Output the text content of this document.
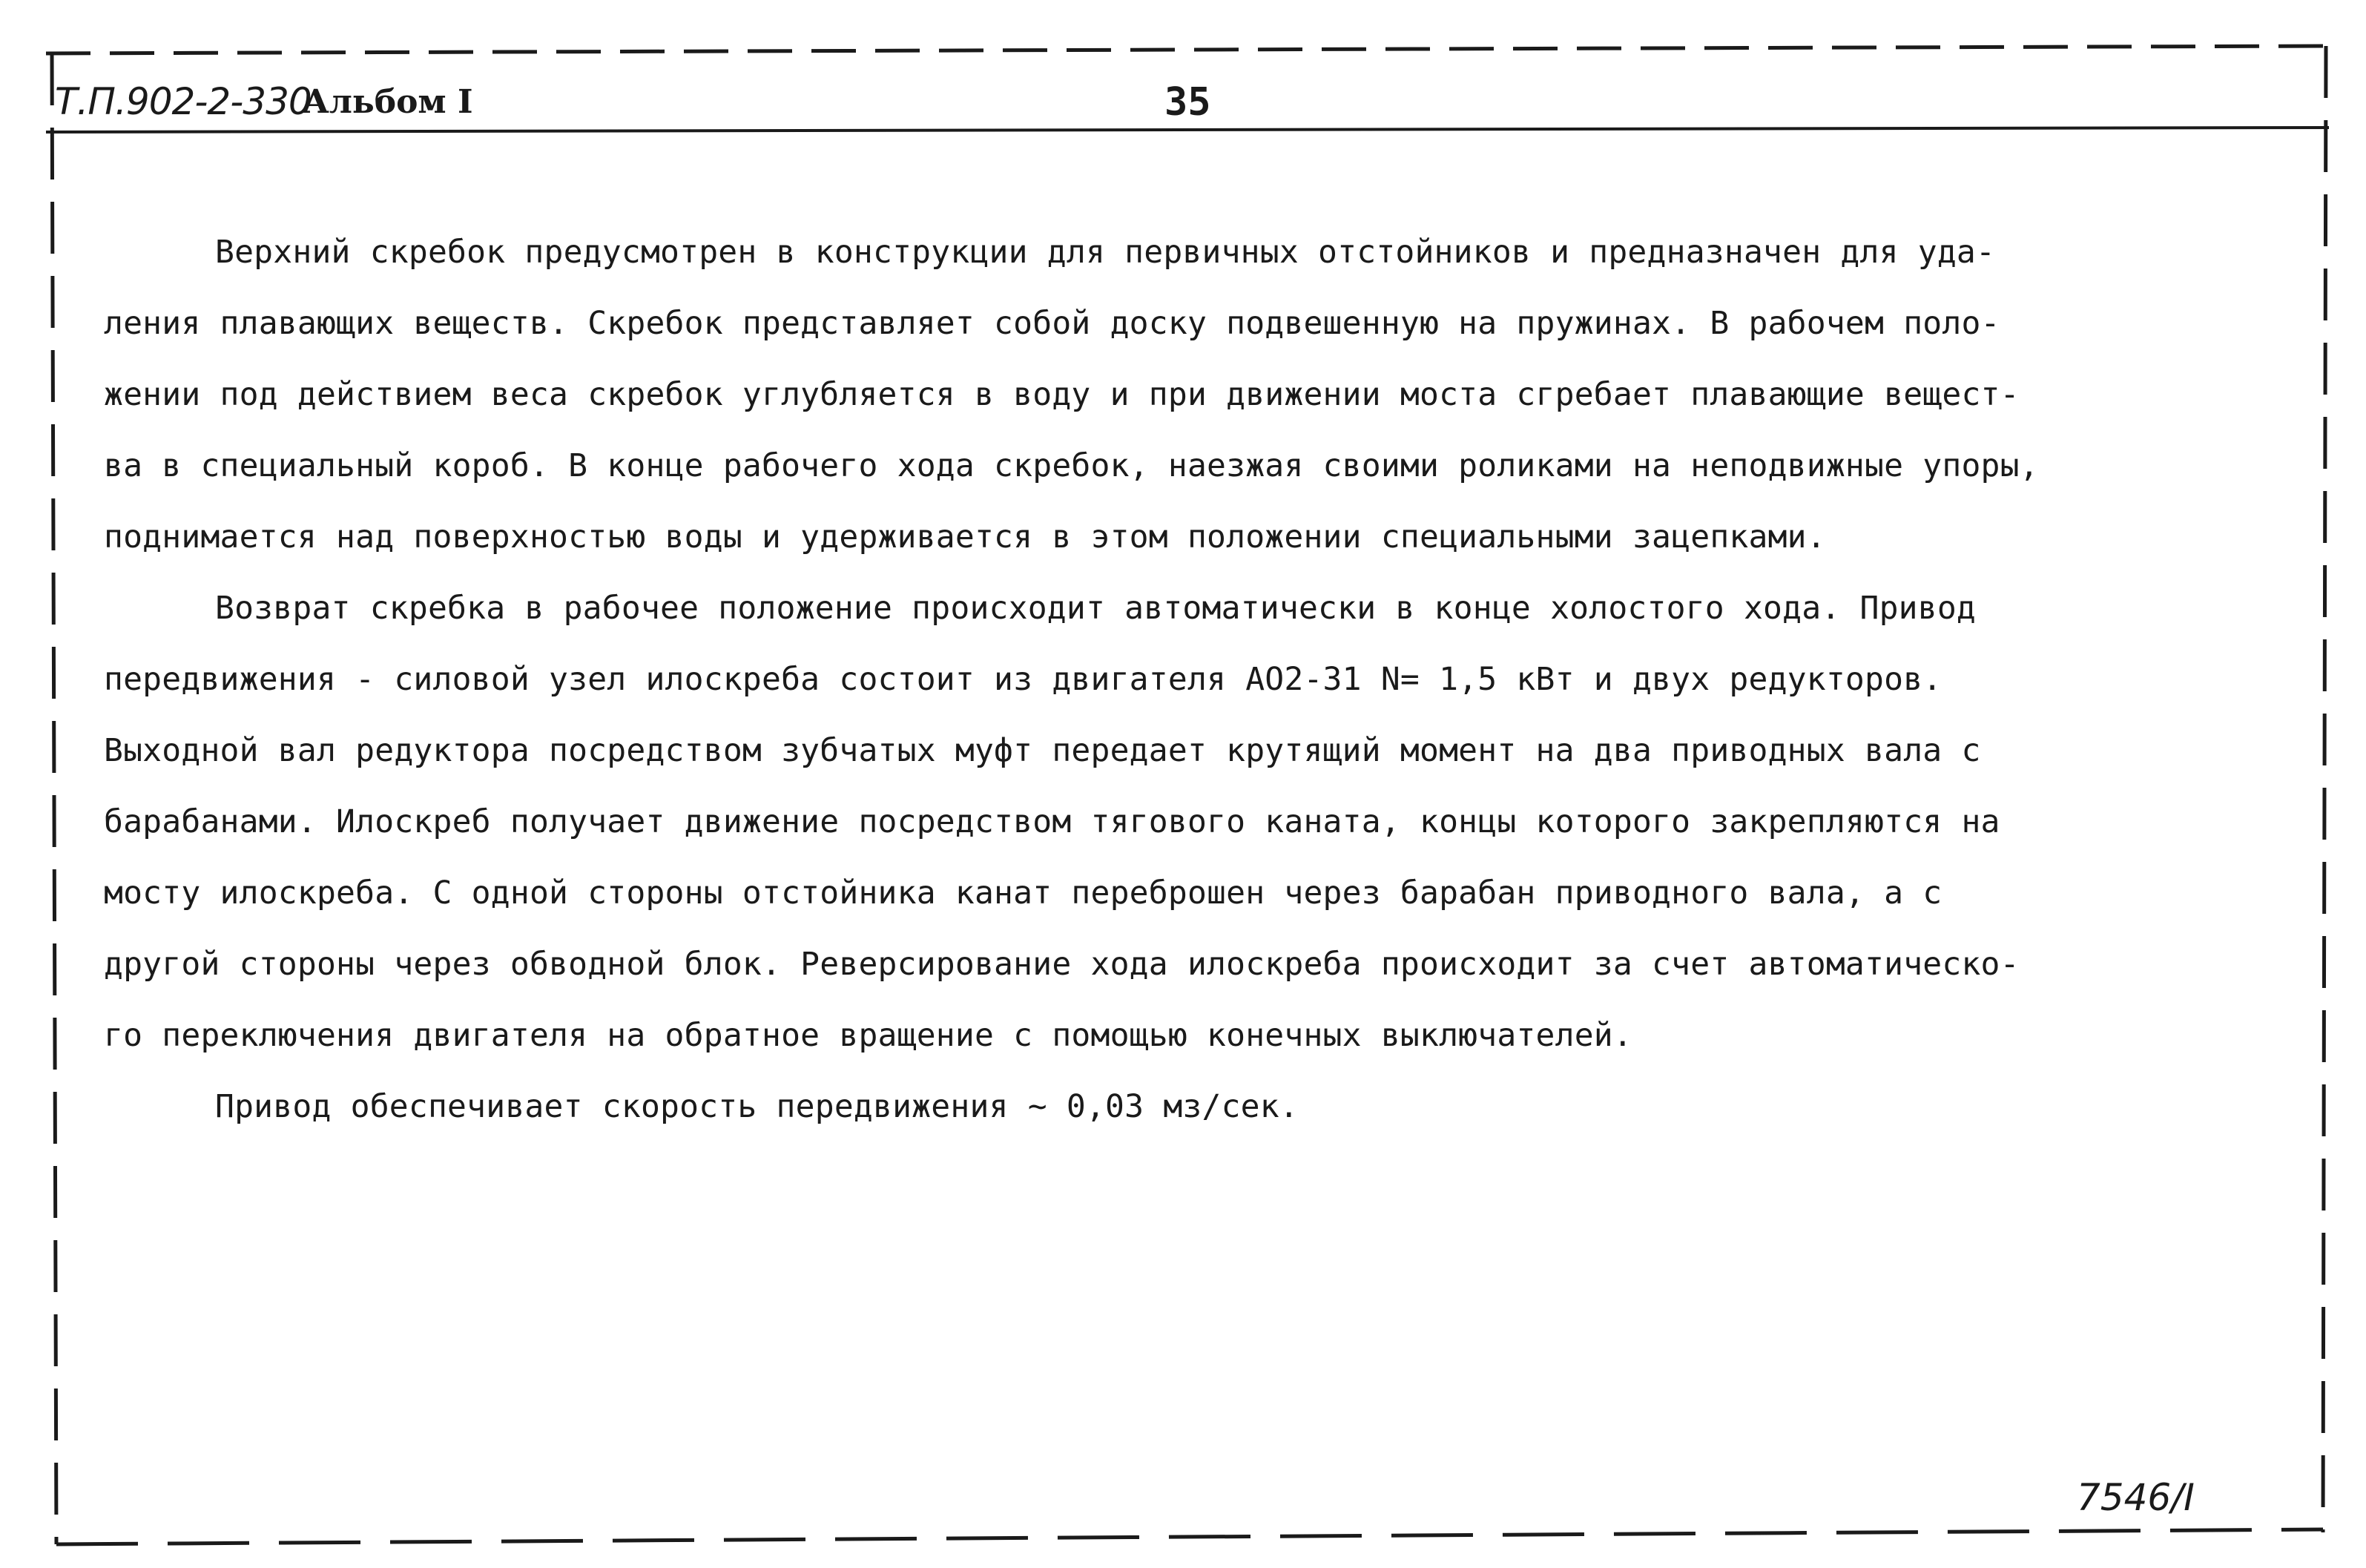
Т.П.902-2-330
Альбом I	35
Верхний скребок предусмотрен в конструкции для первичных отстойников и предназначен для уда-
ления плавающих веществ. Скребок представляет собой доску подвешенную на пружинах. В рабочем поло-
жении под действием веса скребок углубляется в воду и при движении моста сгребает плавающие вещест-
ва в специальный короб. В конце рабочего хода скребок, наезжая своими роликами на неподвижные упоры,
поднимается над поверхностью воды и удерживается в этом положении специальными зацепками.
Возврат скребка в рабочее положение происходит автоматически в конце холостого хода. Привод
передвижения - силовой узел илоскреба состоит из двигателя АО2-31 N= 1,5 кВт и двух редукторов.
Выходной вал редуктора посредством зубчатых муфт передает крутящий момент на два приводных вала с
барабанами. Илоскреб получает движение посредством тягового каната, концы которого закрепляются на
мосту илоскреба. С одной стороны отстойника канат переброшен через барабан приводного вала, а с
другой стороны через обводной блок. Реверсирование хода илоскреба происходит за счет автоматическо-
го переключения двигателя на обратное вращение с помощью конечных выключателей.
Привод обеспечивает скорость передвижения ~ 0,03 мз/сек.
7546/I
